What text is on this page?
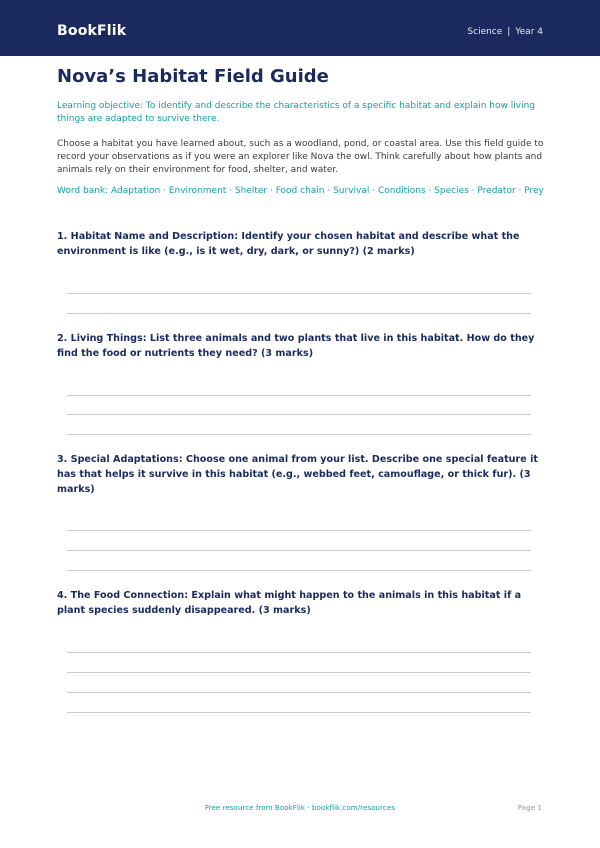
BookFlik	Science | Year 4
Nova’s Habitat Field Guide

Learning objective: To identify and describe the characteristics of a specific habitat and explain how living things are adapted to survive there.

Choose a habitat you have learned about, such as a woodland, pond, or coastal area. Use this field guide to record your observations as if you were an explorer like Nova the owl. Think carefully about how plants and animals rely on their environment for food, shelter, and water.

Word bank: Adaptation · Environment · Shelter · Food chain · Survival · Conditions · Species · Predator · Prey

1. Habitat Name and Description: Identify your chosen habitat and describe what the environment is like (e.g., is it wet, dry, dark, or sunny?) (2 marks)
2. Living Things: List three animals and two plants that live in this habitat. How do they find the food or nutrients they need? (3 marks)
3. Special Adaptations: Choose one animal from your list. Describe one special feature it has that helps it survive in this habitat (e.g., webbed feet, camouflage, or thick fur). (3 marks)
4. The Food Connection: Explain what might happen to the animals in this habitat if a plant species suddenly disappeared. (3 marks)
Free resource from BookFlik · bookflik.com/resources	Page 1
